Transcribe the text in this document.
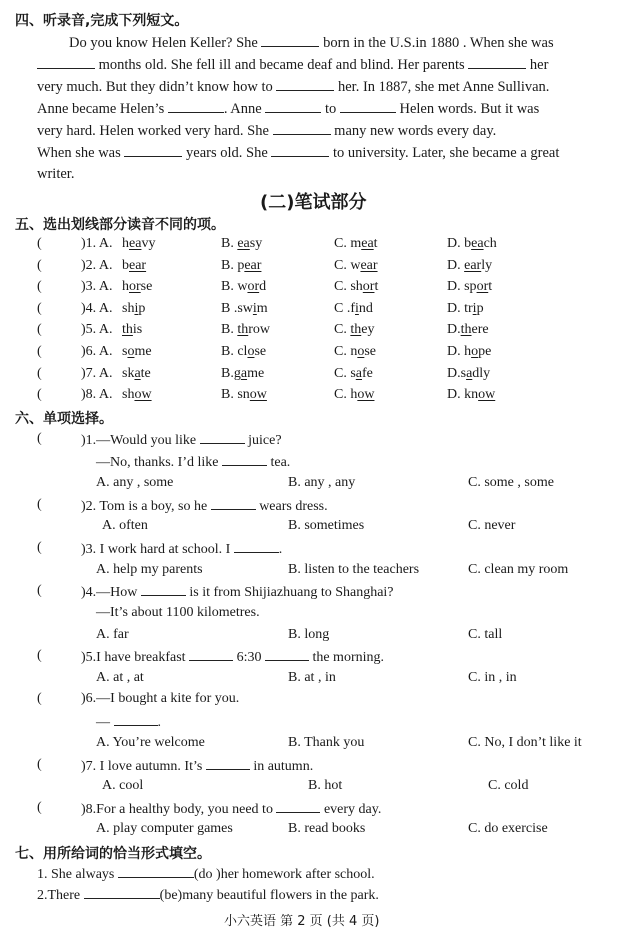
四、听录音,完成下列短文。
Do you know Helen Keller? She	born in the U.S.in 1880 . When she was
months old. She fell ill and became deaf and blind. Her parents	her
very much. But they didn’t know how to	her. In 1887, she met Anne Sullivan.
Anne became Helen’s	. Anne	to	Helen words. But it was
very hard. Helen worked very hard. She	many new words every day.
When she was	years old. She	to university. Later, she became a great
writer.
(二)笔试部分
五、选出划线部分读音不同的项。
(	)1. A. heavy	B. easy	C. meat	D. beach
(	)2. A. bear	B. pear	C. wear	D. early
(	)3. A. horse	B. word	C. short	D. sport
(	)4. A. ship	B .swim	C .find	D. trip
(	)5. A. this	B. throw	C. they	D.there
(	)6. A. some	B. close	C. nose	D. hope
(	)7. A. skate	B.game	C. safe	D.sadly
(	)8. A. show	B. snow	C. how	D. know
六、单项选择。
(	)1.—Would you like	juice?
—No, thanks. I’d like	tea.
A. any , some	B. any , any	C. some , some
(	)2. Tom is a boy, so he	wears dress.
A. often	B. sometimes	C. never
(	)3. I work hard at school. I	.
A. help my parents	B. listen to the teachers	C. clean my room
(	)4.—How	is it from Shijiazhuang to Shanghai?
—It’s about 1100 kilometres.
A. far	B. long	C. tall
(	)5.I have breakfast	6:30	the morning.
A. at , at	B. at , in	C. in , in
(	)6.—I bought a kite for you.
—	.
A. You’re welcome	B. Thank you	C. No, I don’t like it
(	)7. I love autumn. It’s	in autumn.
A. cool	B. hot	C. cold
(	)8.For a healthy body, you need to	every day.
A. play computer games	B. read books	C. do exercise
七、用所给词的恰当形式填空。
1. She always	(do )her homework after school.
2.There	(be)many beautiful flowers in the park.
小六英语 第 2 页 (共 4 页)
